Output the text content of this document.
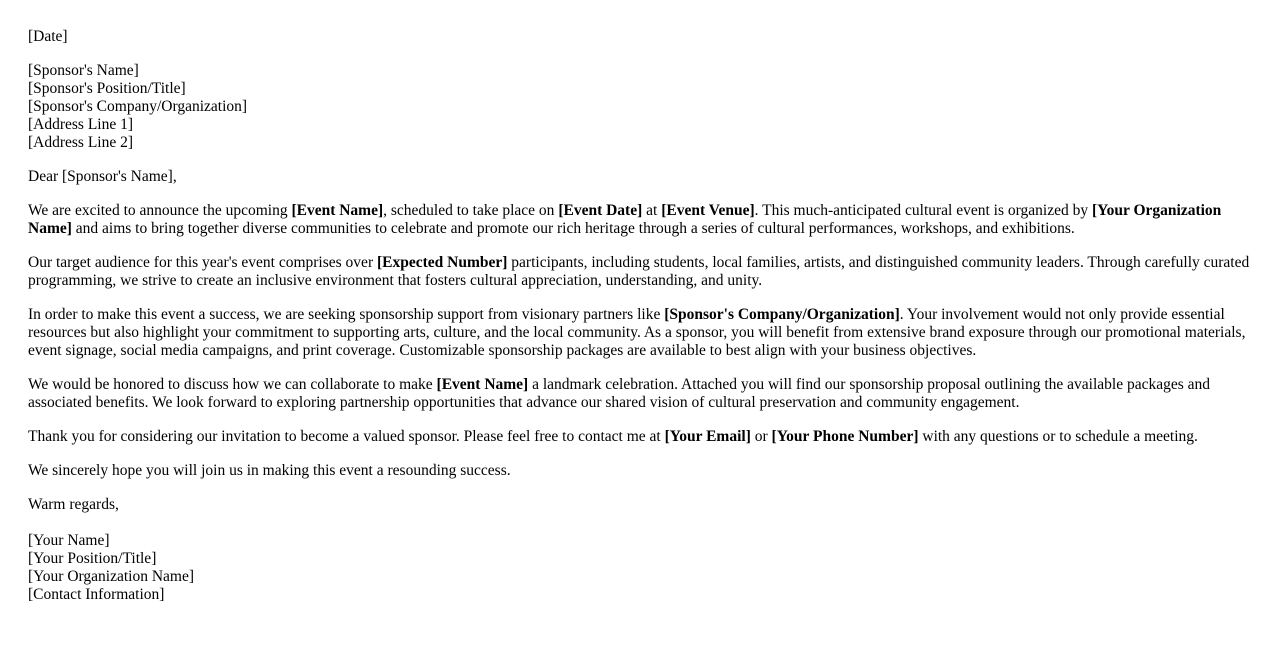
[Date]

[Sponsor's Name]

[Sponsor's Position/Title]

[Sponsor's Company/Organization]

[Address Line 1]

[Address Line 2]

Dear [Sponsor's Name],

We are excited to announce the upcoming [Event Name], scheduled to take place on [Event Date] at [Event Venue]. This much-anticipated cultural event is organized by [Your Organization Name] and aims to bring together diverse communities to celebrate and promote our rich heritage through a series of cultural performances, workshops, and exhibitions.

Our target audience for this year's event comprises over [Expected Number] participants, including students, local families, artists, and distinguished community leaders. Through carefully curated programming, we strive to create an inclusive environment that fosters cultural appreciation, understanding, and unity.

In order to make this event a success, we are seeking sponsorship support from visionary partners like [Sponsor's Company/Organization]. Your involvement would not only provide essential resources but also highlight your commitment to supporting arts, culture, and the local community. As a sponsor, you will benefit from extensive brand exposure through our promotional materials, event signage, social media campaigns, and print coverage. Customizable sponsorship packages are available to best align with your business objectives.

We would be honored to discuss how we can collaborate to make [Event Name] a landmark celebration. Attached you will find our sponsorship proposal outlining the available packages and associated benefits. We look forward to exploring partnership opportunities that advance our shared vision of cultural preservation and community engagement.

Thank you for considering our invitation to become a valued sponsor. Please feel free to contact me at [Your Email] or [Your Phone Number] with any questions or to schedule a meeting.

We sincerely hope you will join us in making this event a resounding success.

Warm regards,

[Your Name]

[Your Position/Title]

[Your Organization Name]

[Contact Information]
